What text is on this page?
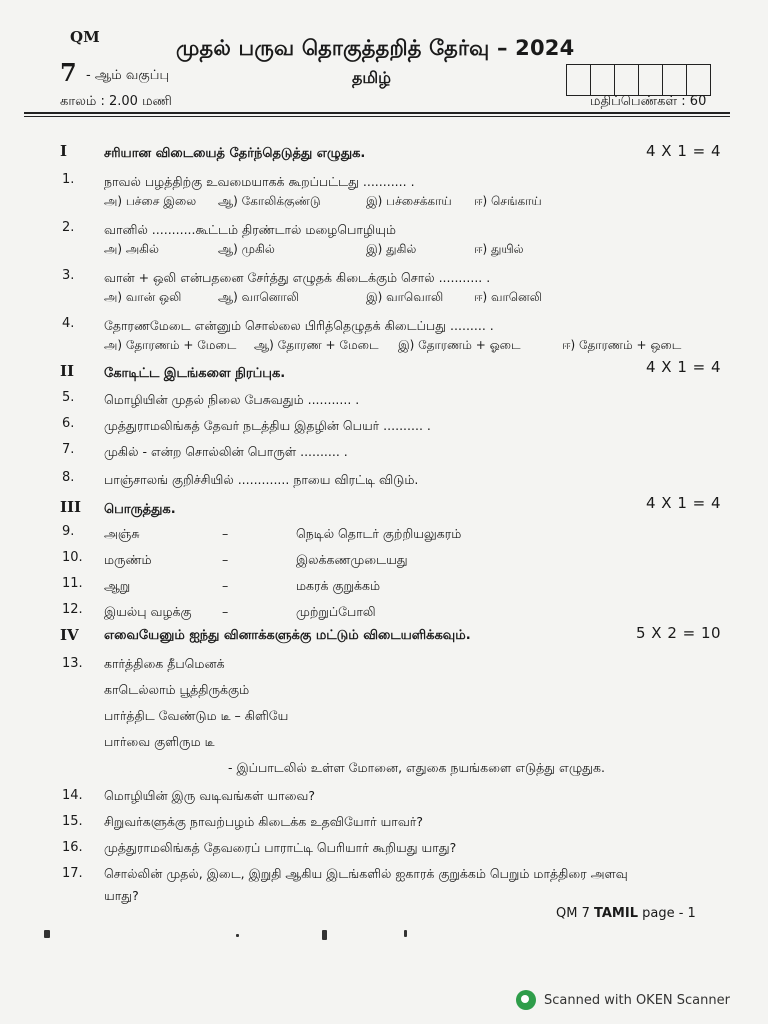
QM	முதல் பருவ தொகுத்தறித் தேர்வு – 2024
7 - ஆம் வகுப்பு	தமிழ்
காலம் : 2.00 மணி	மதிப்பெண்கள் : 60
I	சரியான விடையைத் தேர்ந்தெடுத்து எழுதுக.	4 X 1 = 4
1. நாவல் பழத்திற்கு உவமையாகக் கூறப்பட்டது ........... .
அ) பச்சை இலை ஆ) கோலிக்குண்டு	இ) பச்சைக்காய் ஈ) செங்காய்
2. வானில் ...........கூட்டம் திரண்டால் மழைபொழியும்
அ) அகில்	ஆ) முகில்	இ) துகில்	ஈ) துயில்
3. வான் + ஒலி என்பதனை சேர்த்து எழுதக் கிடைக்கும் சொல் ........... .
அ) வான் ஒலி	ஆ) வானொலி	இ) வாவொலி	ஈ) வானெலி
4. தோரணமேடை என்னும் சொல்லை பிரித்தெழுதக் கிடைப்பது ......... .
அ) தோரணம் + மேடை ஆ) தோரண + மேடை இ) தோரணம் + ஓடை	ஈ) தோரணம் + ஒடை
II கோடிட்ட இடங்களை நிரப்புக.	4 X 1 = 4
5. மொழியின் முதல் நிலை பேசுவதும் ........... .
6. முத்துராமலிங்கத் தேவர் நடத்திய இதழின் பெயர் .......... .
7. முகில் - என்ற சொல்லின் பொருள் .......... .
8. பாஞ்சாலங் குறிச்சியில் ............. நாயை விரட்டி விடும்.
III பொருத்துக.	4 X 1 = 4
9. அஞ்சு	–	நெடில் தொடர் குற்றியலுகரம்
10. மருண்ம்	–	இலக்கணமுடையது
11. ஆறு	–	மகரக் குறுக்கம்
12. இயல்பு வழக்கு –	முற்றுப்போலி
IV எவையேனும் ஐந்து வினாக்களுக்கு மட்டும் விடையளிக்கவும்.	5 X 2 = 10
13. கார்த்திகை தீபமெனக்
காடெல்லாம் பூத்திருக்கும்
பார்த்திட வேண்டும டீ – கிளியே
பார்வை குளிரும டீ
- இப்பாடலில் உள்ள மோனை, எதுகை நயங்களை எடுத்து எழுதுக.
14. மொழியின் இரு வடிவங்கள் யாவை?
15. சிறுவர்களுக்கு நாவற்பழம் கிடைக்க உதவியோர் யாவர்?
16. முத்துராமலிங்கத் தேவரைப் பாராட்டி பெரியார் கூறியது யாது?
17. சொல்லின் முதல், இடை, இறுதி ஆகிய இடங்களில் ஐகாரக் குறுக்கம் பெறும் மாத்திரை அளவு
யாது?
QM 7 TAMIL page - 1
Scanned with OKEN Scanner
